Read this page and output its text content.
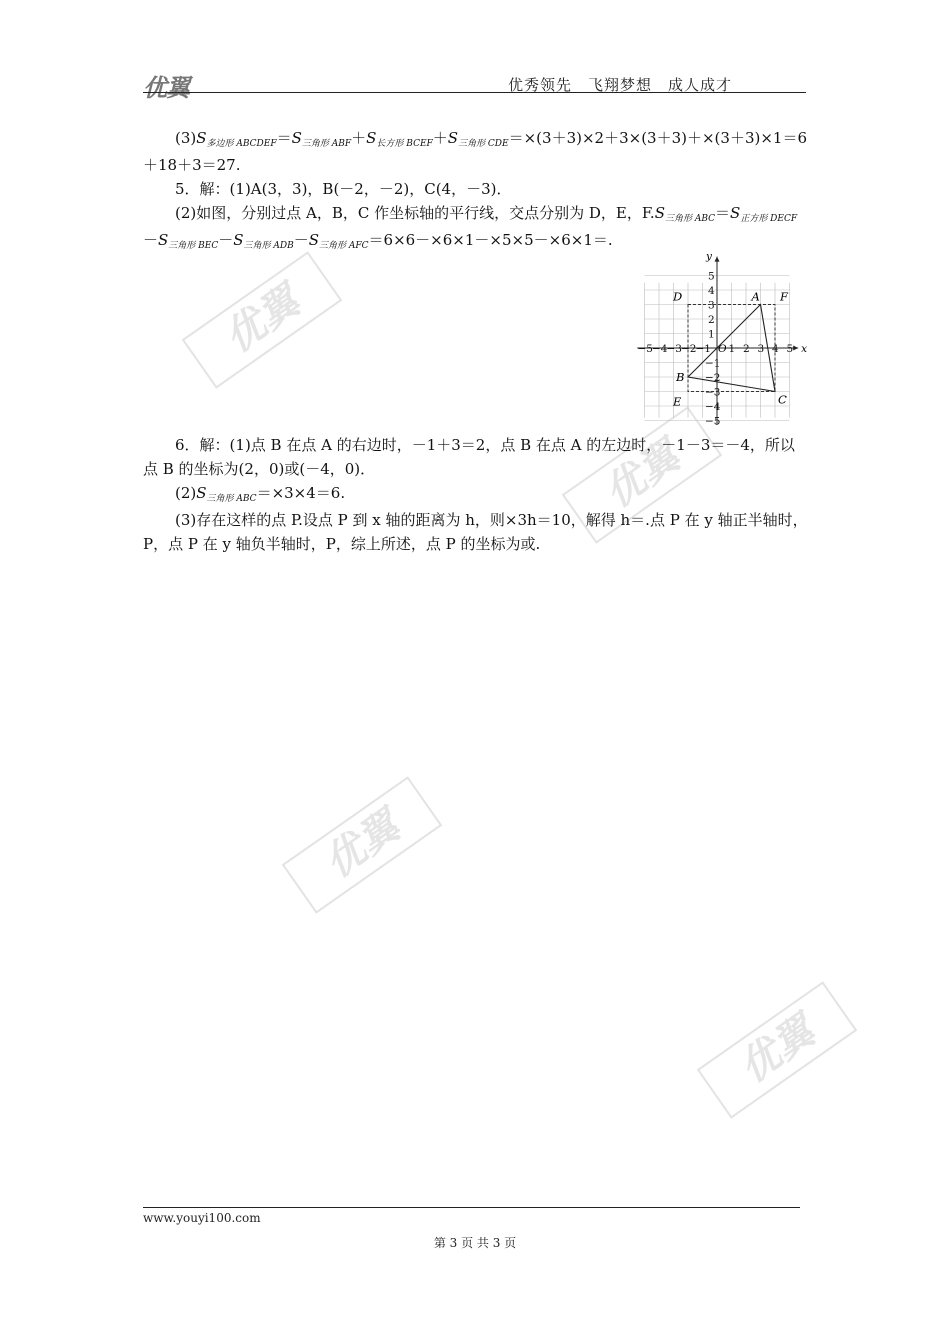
优翼	优秀领先　飞翔梦想　成人成才
优翼
优翼
优翼
优翼

$(3)S_{多边形 ABCDEF}=S_{三角形 ABF}+S_{长方形 BCEF}+S_{三角形 CDE}=\times(3+3)\times 2+3\times(3+3)+\times(3+3)\times 1=6+18+3=27$.

5．解：(1)A(3，3)，B(－2，－2)，C(4，－3)．

(2)如图，分别过点 A，B，C 作坐标轴的平行线，交点分别为 D，E，$F.S_{三角形 ABC}=S_{正方形 DECF}-S_{三角形 BEC}-S_{三角形 ADB}-S_{三角形 AFC}=6\times 6-\times 6\times 1-\times 5\times 5-\times 6\times 1=$.

6．解：(1)点 B 在点 A 的右边时，－1＋3＝2，点 B 在点 A 的左边时，－1－3＝－4，所以点 B 的坐标为(2，0)或(－4，0)．

$(2)S_{三角形 ABC}=\times 3\times 4=6$.

(3)存在这样的点 P.设点 P 到 x 轴的距离为 h，则×3h＝10，解得 h＝.点 P 在 y 轴正半轴时，P，点 P 在 y 轴负半轴时，P，综上所述，点 P 的坐标为或.

x
y
O
−5 −4 −3 −2 −1 1 2 3 4 5
5
4
3
2
1
−1
−2
−3
−4
−5
A
B
C
D
E
F
www.youyi100.com
第 3 页 共 3 页
